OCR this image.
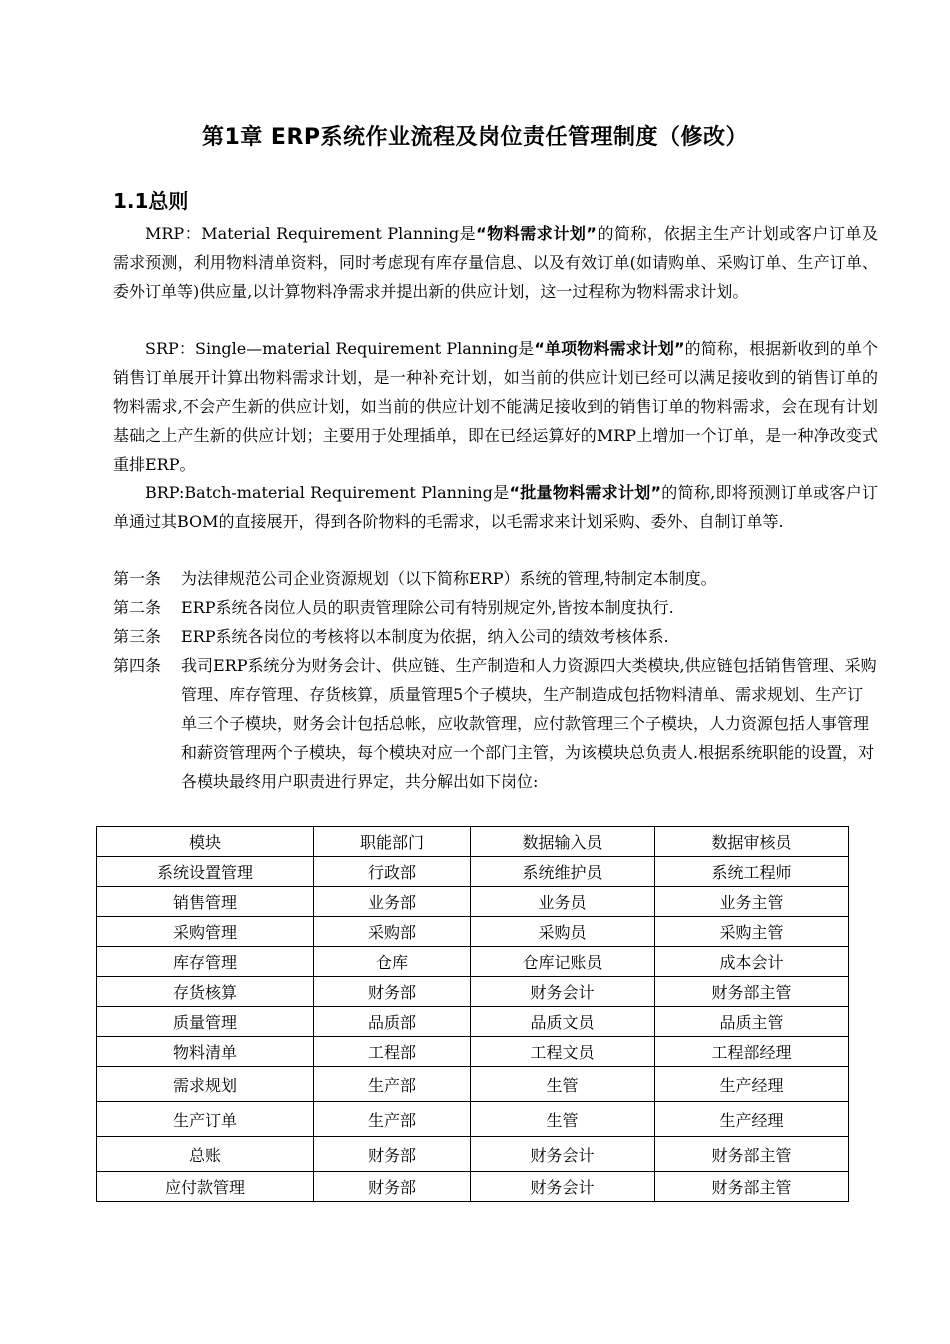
第1章 ERP系统作业流程及岗位责任管理制度（修改）
1.1总则
MRP：Material Requirement Planning是“物料需求计划”的简称，依据主生产计划或客户订单及需求预测，利用物料清单资料，同时考虑现有库存量信息、以及有效订单(如请购单、采购订单、生产订单、委外订单等)供应量,以计算物料净需求并提出新的供应计划，这一过程称为物料需求计划。
SRP：Single—material Requirement Planning是“单项物料需求计划”的简称，根据新收到的单个销售订单展开计算出物料需求计划，是一种补充计划，如当前的供应计划已经可以满足接收到的销售订单的物料需求,不会产生新的供应计划，如当前的供应计划不能满足接收到的销售订单的物料需求，会在现有计划基础之上产生新的供应计划；主要用于处理插单，即在已经运算好的MRP上增加一个订单，是一种净改变式重排ERP。
BRP:Batch-material Requirement Planning是“批量物料需求计划”的简称,即将预测订单或客户订单通过其BOM的直接展开，得到各阶物料的毛需求，以毛需求来计划采购、委外、自制订单等.
第一条 为法律规范公司企业资源规划（以下简称ERP）系统的管理,特制定本制度。
第二条 ERP系统各岗位人员的职责管理除公司有特别规定外,皆按本制度执行.
第三条 ERP系统各岗位的考核将以本制度为依据，纳入公司的绩效考核体系.
第四条 我司ERP系统分为财务会计、供应链、生产制造和人力资源四大类模块,供应链包括销售管理、采购管理、库存管理、存货核算，质量管理5个子模块，生产制造成包括物料清单、需求规划、生产订单三个子模块，财务会计包括总帐，应收款管理，应付款管理三个子模块，人力资源包括人事管理和薪资管理两个子模块，每个模块对应一个部门主管，为该模块总负责人.根据系统职能的设置，对各模块最终用户职责进行界定，共分解出如下岗位:
模块	职能部门	数据输入员	数据审核员
系统设置管理	行政部	系统维护员	系统工程师
销售管理	业务部	业务员	业务主管
采购管理	采购部	采购员	采购主管
库存管理	仓库	仓库记账员	成本会计
存货核算	财务部	财务会计	财务部主管
质量管理	品质部	品质文员	品质主管
物料清单	工程部	工程文员	工程部经理
需求规划	生产部	生管	生产经理
生产订单	生产部	生管	生产经理
总账	财务部	财务会计	财务部主管
应付款管理	财务部	财务会计	财务部主管
